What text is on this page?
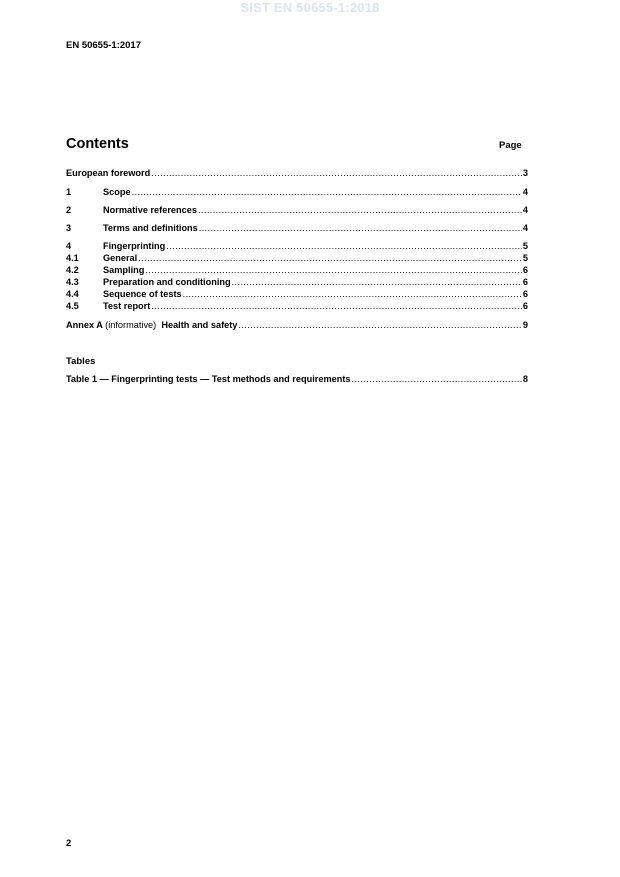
SIST EN 50655-1:2018
EN 50655-1:2017
Contents	Page
European foreword .....	3
1	Scope .....	4
2	Normative references .....	4
3	Terms and definitions .....	4
4	Fingerprinting .....	5
4.1	General .....	5
4.2	Sampling .....	6
4.3	Preparation and conditioning .....	6
4.4	Sequence of tests .....	6
4.5	Test report .....	6
Annex A (informative) Health and safety .....	9
Tables
Table 1 — Fingerprinting tests — Test methods and requirements .....	8
2
